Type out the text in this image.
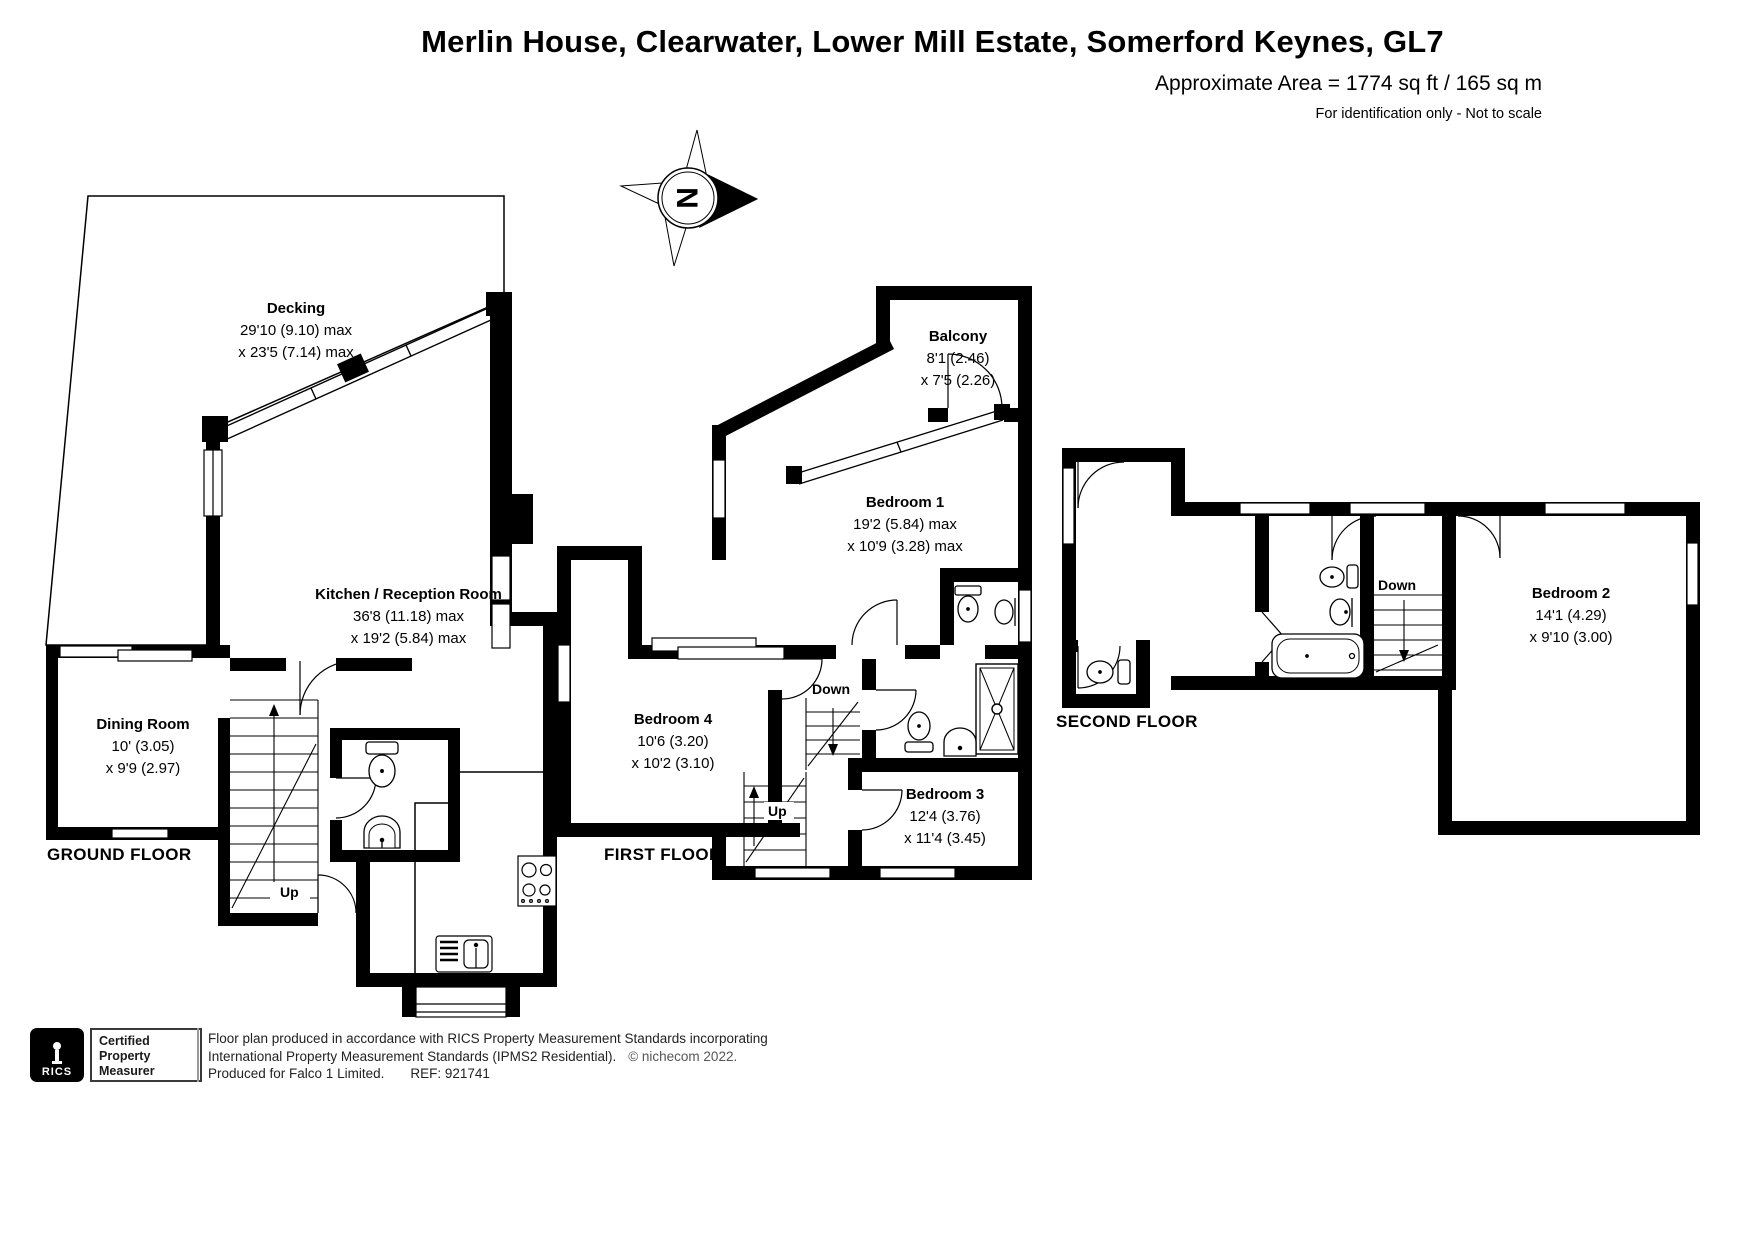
Merlin House, Clearwater, Lower Mill Estate, Somerford Keynes, GL7
Approximate Area = 1774 sq ft / 165 sq m
For identification only - Not to scale
N
Up
Down
Up
Down
Decking
29'10 (9.10) max
x 23'5 (7.14) max
Kitchen / Reception Room
36'8 (11.18) max
x 19'2 (5.84) max
Dining Room
10' (3.05)
x 9'9 (2.97)
Balcony
8'1 (2.46)
x 7'5 (2.26)
Bedroom 1
19'2 (5.84) max
x 10'9 (3.28) max
Bedroom 4
10'6 (3.20)
x 10'2 (3.10)
Bedroom 3
12'4 (3.76)
x 11'4 (3.45)
Bedroom 2
14'1 (4.29)
x 9'10 (3.00)
GROUND FLOOR	FIRST FLOOR
SECOND FLOOR
RICS
Certified
Property
Measurer
Floor plan produced in accordance with RICS Property Measurement Standards incorporating
International Property Measurement Standards (IPMS2 Residential). © nichecom 2022.
Produced for Falco 1 Limited. REF: 921741
